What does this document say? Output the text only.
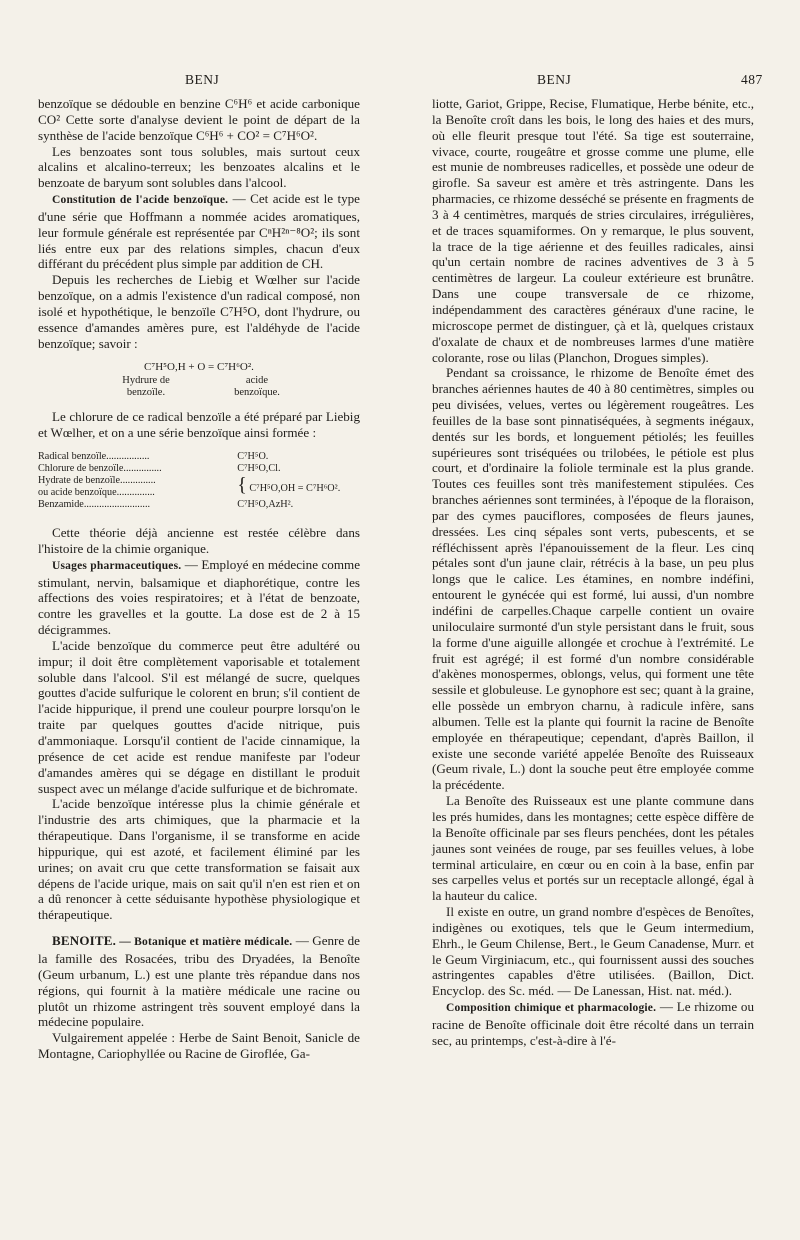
BENJ	BENJ	487

benzoïque se dédouble en benzine C⁶H⁶ et acide carbonique CO² Cette sorte d'analyse devient le point de départ de la synthèse de l'acide benzoïque C⁶H⁶ + CO² = C⁷H⁶O².

Les benzoates sont tous solubles, mais surtout ceux alcalins et alcalino-terreux; les benzoates alcalins et le benzoate de baryum sont solubles dans l'alcool.

Constitution de l'acide benzoïque. — Cet acide est le type d'une série que Hoffmann a nommée acides aromatiques, leur formule générale est représentée par CⁿH²ⁿ⁻⁸O²; ils sont liés entre eux par des relations simples, chacun d'eux différant du précédent plus simple par addition de CH.

Depuis les recherches de Liebig et Wœlher sur l'acide benzoïque, on a admis l'existence d'un radical composé, non isolé et hypothétique, le benzoïle C⁷H⁵O, dont l'hydrure, ou essence d'amandes amères pure, est l'aldéhyde de l'acide benzoïque; savoir :

C⁷H⁵O,H + O = C⁷H⁶O².
Hydrure de benzoïle.
acide benzoïque.

Le chlorure de ce radical benzoïle a été préparé par Liebig et Wœlher, et on a une série benzoïque ainsi formée :

Radical benzoïle.................	C⁷H⁵O.
Chlorure de benzoïle...............	C⁷H⁵O,Cl.
Hydrate de benzoïle..............	{ C⁷H⁵O,OH = C⁷H⁶O².
ou acide benzoïque...............	
Benzamide..........................	C⁷H⁵O,AzH².

Cette théorie déjà ancienne est restée célèbre dans l'histoire de la chimie organique.

Usages pharmaceutiques. — Employé en médecine comme stimulant, nervin, balsamique et diaphorétique, contre les affections des voies respiratoires; et à l'état de benzoate, contre les gravelles et la goutte. La dose est de 2 à 15 décigrammes.

L'acide benzoïque du commerce peut être adultéré ou impur; il doit être complètement vaporisable et totalement soluble dans l'alcool. S'il est mélangé de sucre, quelques gouttes d'acide sulfurique le colorent en brun; s'il contient de l'acide hippurique, il prend une couleur pourpre lorsqu'on le traite par quelques gouttes d'acide nitrique, puis d'ammoniaque. Lorsqu'il contient de l'acide cinnamique, la présence de cet acide est rendue manifeste par l'odeur d'amandes amères qui se dégage en distillant le produit suspect avec un mélange d'acide sulfurique et de bichromate.

L'acide benzoïque intéresse plus la chimie générale et l'industrie des arts chimiques, que la pharmacie et la thérapeutique. Dans l'organisme, il se transforme en acide hippurique, qui est azoté, et facilement éliminé par les urines; on avait cru que cette transformation se faisait aux dépens de l'acide urique, mais on sait qu'il n'en est rien et on a dû renoncer à cette séduisante hypothèse physiologique et thérapeutique.

BENOITE. — Botanique et matière médicale. — Genre de la famille des Rosacées, tribu des Dryadées, la Benoîte (Geum urbanum, L.) est une plante très répandue dans nos régions, qui fournit à la matière médicale une racine ou plutôt un rhizome astringent très souvent employé dans la médecine populaire.

Vulgairement appelée : Herbe de Saint Benoit, Sanicle de Montagne, Cariophyllée ou Racine de Giroflée, Ga-

liotte, Gariot, Grippe, Recise, Flumatique, Herbe bénite, etc., la Benoîte croît dans les bois, le long des haies et des murs, où elle fleurit presque tout l'été. Sa tige est souterraine, vivace, courte, rougeâtre et grosse comme une plume, elle est munie de nombreuses radicelles, et possède une odeur de girofle. Sa saveur est amère et très astringente. Dans les pharmacies, ce rhizome desséché se présente en fragments de 3 à 4 centimètres, marqués de stries circulaires, irrégulières, et de traces squamiformes. On y remarque, le plus souvent, la trace de la tige aérienne et des feuilles radicales, ainsi qu'un certain nombre de racines adventives de 3 à 5 centimètres de largeur. La couleur extérieure est brunâtre. Dans une coupe transversale de ce rhizome, indépendamment des caractères généraux d'une racine, le microscope permet de distinguer, çà et là, quelques cristaux d'oxalate de chaux et de nombreuses larmes d'une matière colorante, rose ou lilas (Planchon, Drogues simples).

Pendant sa croissance, le rhizome de Benoîte émet des branches aériennes hautes de 40 à 80 centimètres, simples ou peu divisées, velues, vertes ou légèrement rougeâtres. Les feuilles de la base sont pinnatiséquées, à segments inégaux, dentés sur les bords, et longuement pétiolés; les feuilles supérieures sont triséquées ou trilobées, le pétiole est plus court, et d'ordinaire la foliole terminale est la plus grande. Toutes ces feuilles sont très manifestement stipulées. Ces branches aériennes sont terminées, à l'époque de la floraison, par des cymes pauciflores, composées de fleurs jaunes, dressées. Les cinq sépales sont verts, pubescents, et se réfléchissent après l'épanouissement de la fleur. Les cinq pétales sont d'un jaune clair, rétrécis à la base, un peu plus longs que le calice. Les étamines, en nombre indéfini, entourent le gynécée qui est formé, lui aussi, d'un nombre indéfini de carpelles.Chaque carpelle contient un ovaire uniloculaire surmonté d'un style persistant dans le fruit, sous la forme d'une aiguille allongée et crochue à l'extrémité. Le fruit est agrégé; il est formé d'un nombre considérable d'akènes monospermes, oblongs, velus, qui forment une tête sessile et globuleuse. Le gynophore est sec; quant à la graine, elle possède un embryon charnu, à radicule infère, sans albumen. Telle est la plante qui fournit la racine de Benoîte employée en thérapeutique; cependant, d'après Baillon, il existe une seconde variété appelée Benoîte des Ruisseaux (Geum rivale, L.) dont la souche peut être employée comme la précédente.

La Benoîte des Ruisseaux est une plante commune dans les prés humides, dans les montagnes; cette espèce diffère de la Benoîte officinale par ses fleurs penchées, dont les pétales jaunes sont veinées de rouge, par ses feuilles velues, à lobe terminal articulaire, en cœur ou en coin à la base, enfin par ses carpelles velus et portés sur un receptacle allongé, égal à la hauteur du calice.

Il existe en outre, un grand nombre d'espèces de Benoîtes, indigènes ou exotiques, tels que le Geum intermedium, Ehrh., le Geum Chilense, Bert., le Geum Canadense, Murr. et le Geum Virginiacum, etc., qui fournissent aussi des souches astringentes capables d'être utilisées. (Baillon, Dict. Encyclop. des Sc. méd. — De Lanessan, Hist. nat. méd.).

Composition chimique et pharmacologie. — Le rhizome ou racine de Benoîte officinale doit être récolté dans un terrain sec, au printemps, c'est-à-dire à l'é-
